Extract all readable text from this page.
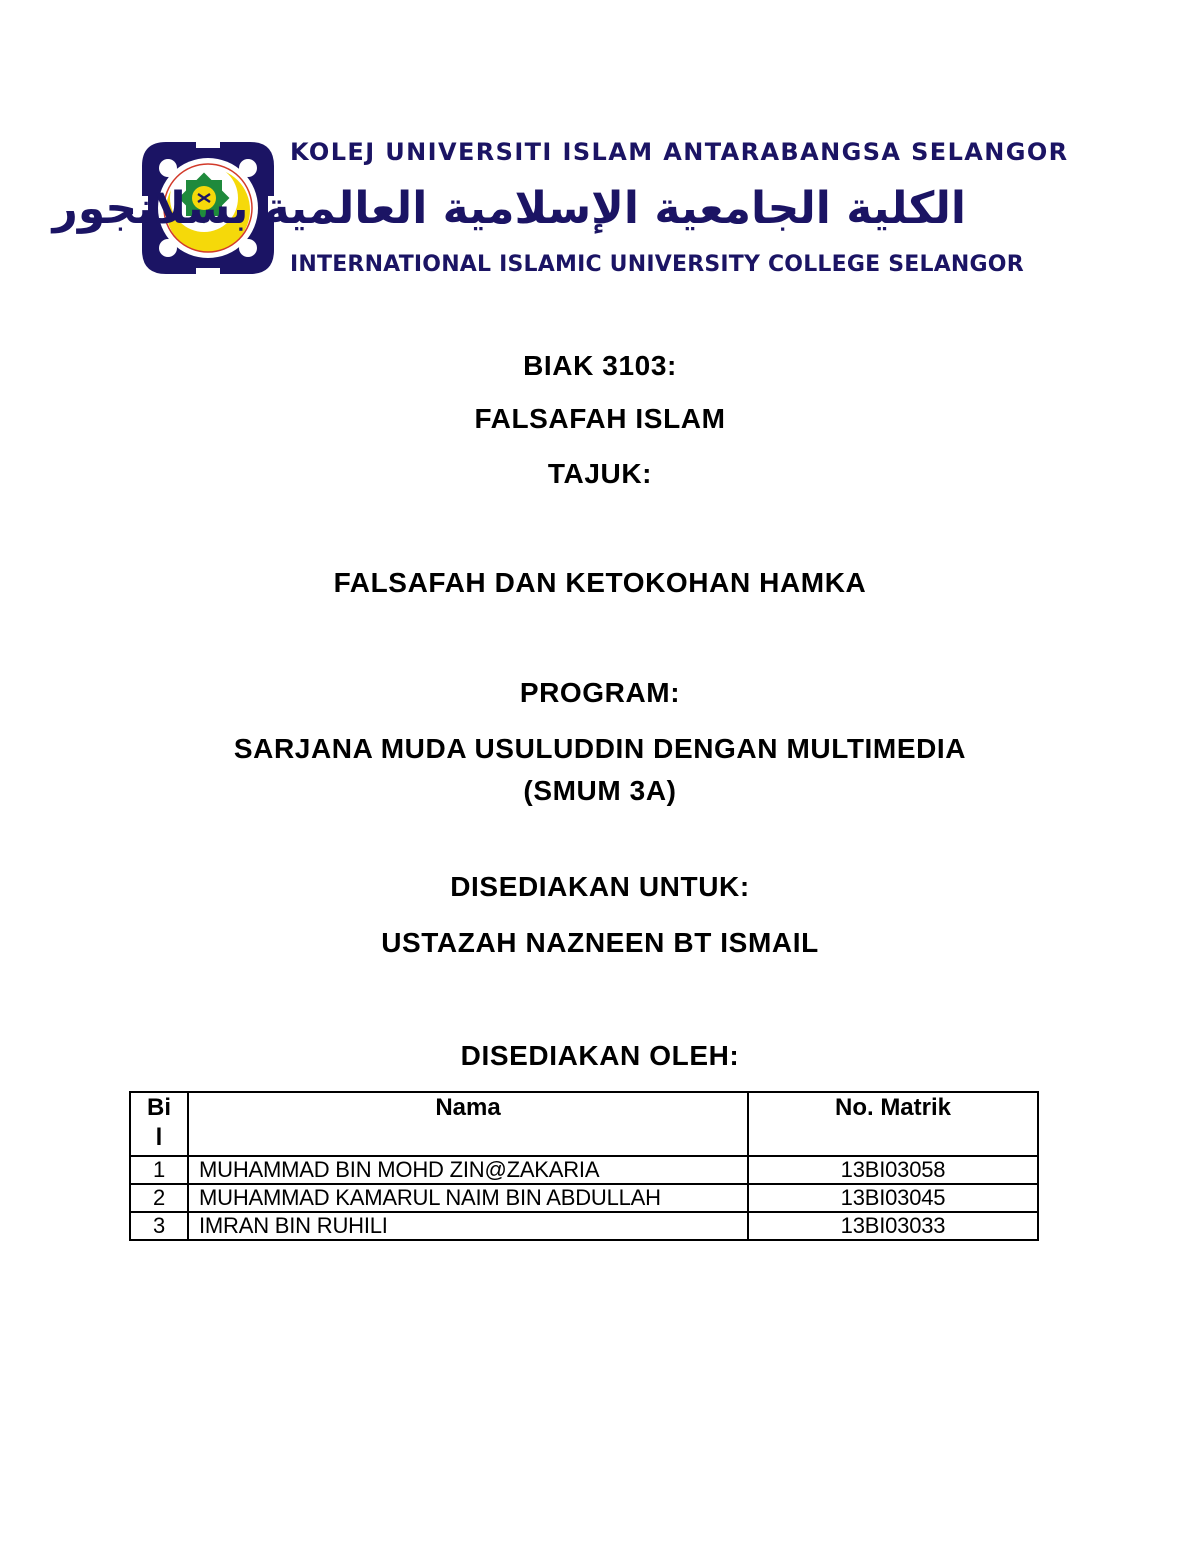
KOLEJ UNIVERSITI ISLAM ANTARABANGSA SELANGOR
الكلية الجامعية الإسلامية العالمية بسلانجور
INTERNATIONAL ISLAMIC UNIVERSITY COLLEGE SELANGOR
BIAK 3103:
FALSAFAH ISLAM
TAJUK:
FALSAFAH DAN KETOKOHAN HAMKA
PROGRAM:
SARJANA MUDA USULUDDIN DENGAN MULTIMEDIA
(SMUM 3A)
DISEDIAKAN UNTUK:
USTAZAH NAZNEEN BT ISMAIL
DISEDIAKAN OLEH:
Bi
l	Nama	No. Matrik
1	MUHAMMAD BIN MOHD ZIN@ZAKARIA	13BI03058
2	MUHAMMAD KAMARUL NAIM BIN ABDULLAH	13BI03045
3	IMRAN BIN RUHILI	13BI03033
